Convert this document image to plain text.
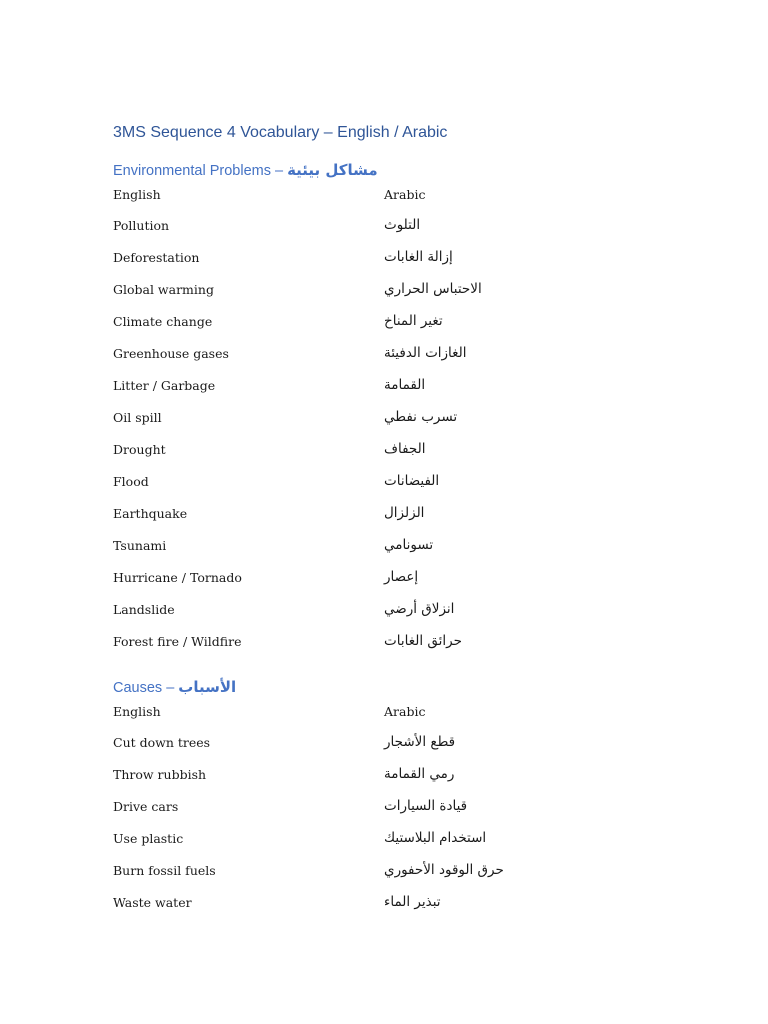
3MS Sequence 4 Vocabulary – English / Arabic
Environmental Problems – مشاكل بيئية
English	Arabic
Pollution	التلوث
Deforestation	إزالة الغابات
Global warming	الاحتباس الحراري
Climate change	تغير المناخ
Greenhouse gases	الغازات الدفيئة
Litter / Garbage	القمامة
Oil spill	تسرب نفطي
Drought	الجفاف
Flood	الفيضانات
Earthquake	الزلزال
Tsunami	تسونامي
Hurricane / Tornado	إعصار
Landslide	انزلاق أرضي
Forest fire / Wildfire	حرائق الغابات
Causes – الأسباب
English	Arabic
Cut down trees	قطع الأشجار
Throw rubbish	رمي القمامة
Drive cars	قيادة السيارات
Use plastic	استخدام البلاستيك
Burn fossil fuels	حرق الوقود الأحفوري
Waste water	تبذير الماء
